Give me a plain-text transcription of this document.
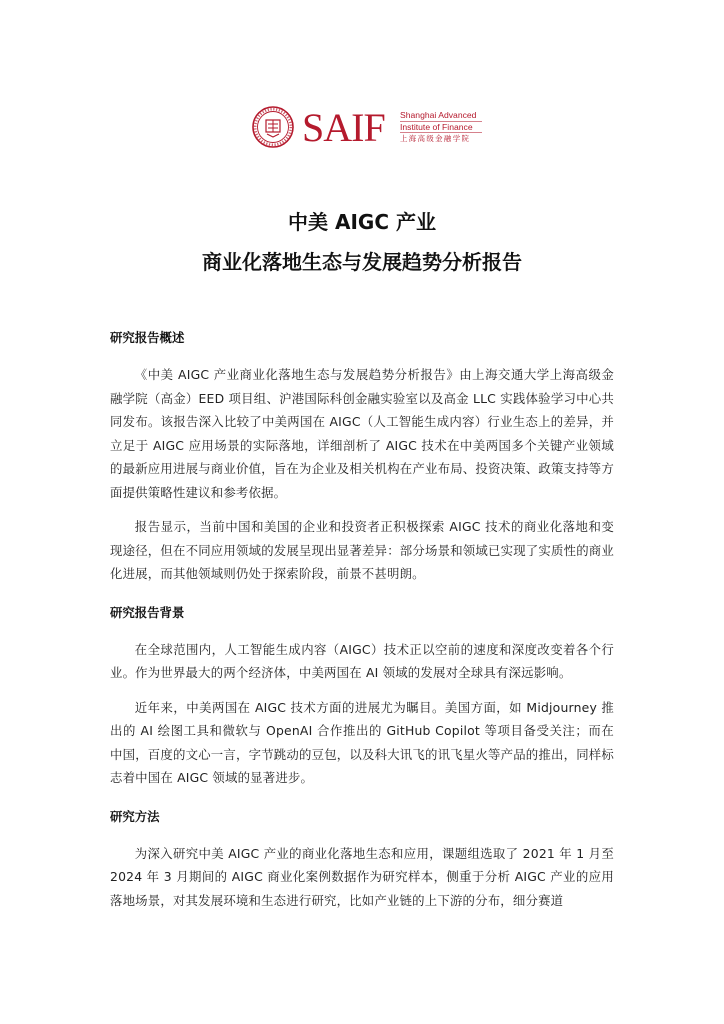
SAIF Shanghai Advanced
Institute of Finance
上海高级金融学院
中美 AIGC 产业
商业化落地生态与发展趋势分析报告
研究报告概述

《中美 AIGC 产业商业化落地生态与发展趋势分析报告》由上海交通大学上海高级金融学院（高金）EED 项目组、沪港国际科创金融实验室以及高金 LLC 实践体验学习中心共同发布。该报告深入比较了中美两国在 AIGC（人工智能生成内容）行业生态上的差异，并立足于 AIGC 应用场景的实际落地，详细剖析了 AIGC 技术在中美两国多个关键产业领域的最新应用进展与商业价值，旨在为企业及相关机构在产业布局、投资决策、政策支持等方面提供策略性建议和参考依据。

报告显示，当前中国和美国的企业和投资者正积极探索 AIGC 技术的商业化落地和变现途径，但在不同应用领域的发展呈现出显著差异：部分场景和领域已实现了实质性的商业化进展，而其他领域则仍处于探索阶段，前景不甚明朗。

研究报告背景

在全球范围内，人工智能生成内容（AIGC）技术正以空前的速度和深度改变着各个行业。作为世界最大的两个经济体，中美两国在 AI 领域的发展对全球具有深远影响。

近年来，中美两国在 AIGC 技术方面的进展尤为瞩目。美国方面，如 Midjourney 推出的 AI 绘图工具和微软与 OpenAI 合作推出的 GitHub Copilot 等项目备受关注；而在中国，百度的文心一言，字节跳动的豆包，以及科大讯飞的讯飞星火等产品的推出，同样标志着中国在 AIGC 领域的显著进步。

研究方法

为深入研究中美 AIGC 产业的商业化落地生态和应用，课题组选取了 2021 年 1 月至 2024 年 3 月期间的 AIGC 商业化案例数据作为研究样本，侧重于分析 AIGC 产业的应用落地场景，对其发展环境和生态进行研究，比如产业链的上下游的分布，细分赛道
